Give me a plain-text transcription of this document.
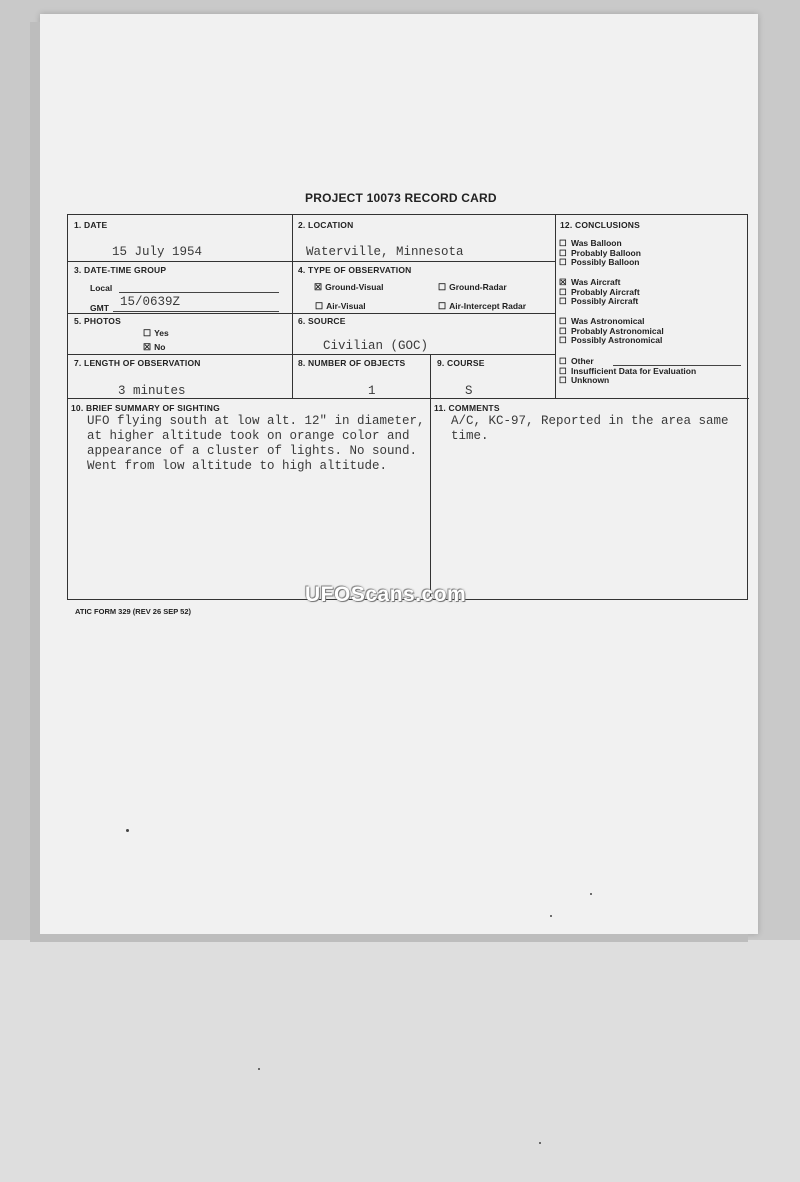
PROJECT 10073 RECORD CARD
1. DATE
15 July 1954
2. LOCATION
Waterville, Minnesota
3. DATE-TIME GROUP
Local
GMT 15/0639Z
4. TYPE OF OBSERVATION
☒ Ground-Visual	☐ Ground-Radar
☐ Air-Visual	☐ Air-Intercept Radar
5. PHOTOS
☐ Yes
☒ No
6. SOURCE
Civilian (GOC)
7. LENGTH OF OBSERVATION
3 minutes
8. NUMBER OF OBJECTS
1
9. COURSE
S
10. BRIEF SUMMARY OF SIGHTING
UFO flying south at low alt. 12" in diameter, at higher altitude took on orange color and appearance of a cluster of lights. No sound. Went from low altitude to high altitude.
11. COMMENTS
A/C, KC-97, Reported in the area same time.
12. CONCLUSIONS
☐ Was Balloon
☐ Probably Balloon
☐ Possibly Balloon
☒ Was Aircraft
☐ Probably Aircraft
☐ Possibly Aircraft
☐ Was Astronomical
☐ Probably Astronomical
☐ Possibly Astronomical
☐ Other
☐ Insufficient Data for Evaluation
☐ Unknown
ATIC FORM 329 (REV 26 SEP 52)
UFOScans.com
